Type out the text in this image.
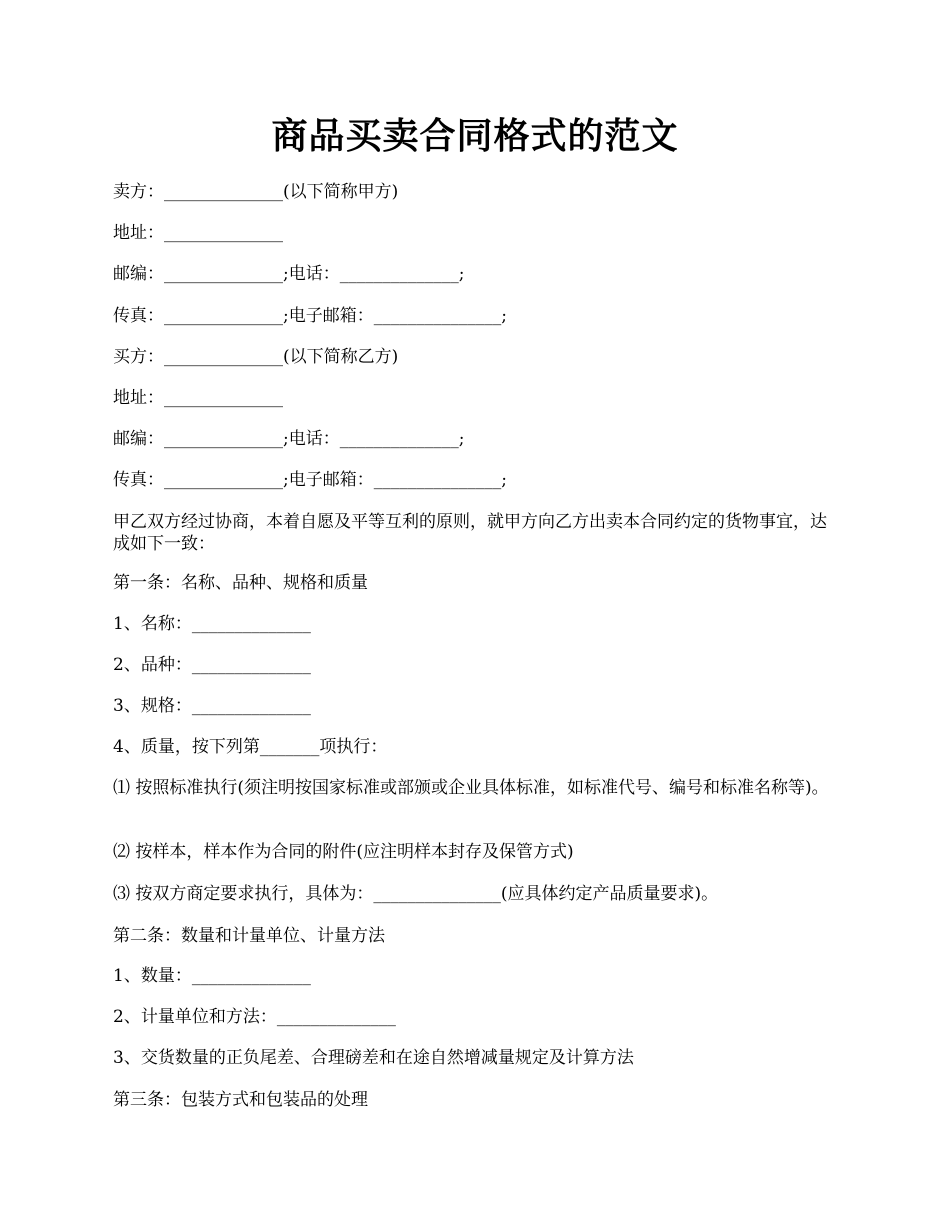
商品买卖合同格式的范文

卖方：______________(以下简称甲方)

地址：______________

邮编：______________;电话：______________;

传真：______________;电子邮箱：_______________;

买方：______________(以下简称乙方)

地址：______________

邮编：______________;电话：______________;

传真：______________;电子邮箱：_______________;

甲乙双方经过协商，本着自愿及平等互利的原则，就甲方向乙方出卖本合同约定的货物事宜，达成如下一致：

第一条：名称、品种、规格和质量

1、名称：______________

2、品种：______________

3、规格：______________

4、质量，按下列第_______项执行：

⑴ 按照标准执行(须注明按国家标准或部颁或企业具体标准，如标准代号、编号和标准名称等)。

⑵ 按样本，样本作为合同的附件(应注明样本封存及保管方式)

⑶ 按双方商定要求执行，具体为：_______________(应具体约定产品质量要求)。

第二条：数量和计量单位、计量方法

1、数量：______________

2、计量单位和方法：______________

3、交货数量的正负尾差、合理磅差和在途自然增减量规定及计算方法

第三条：包装方式和包装品的处理
